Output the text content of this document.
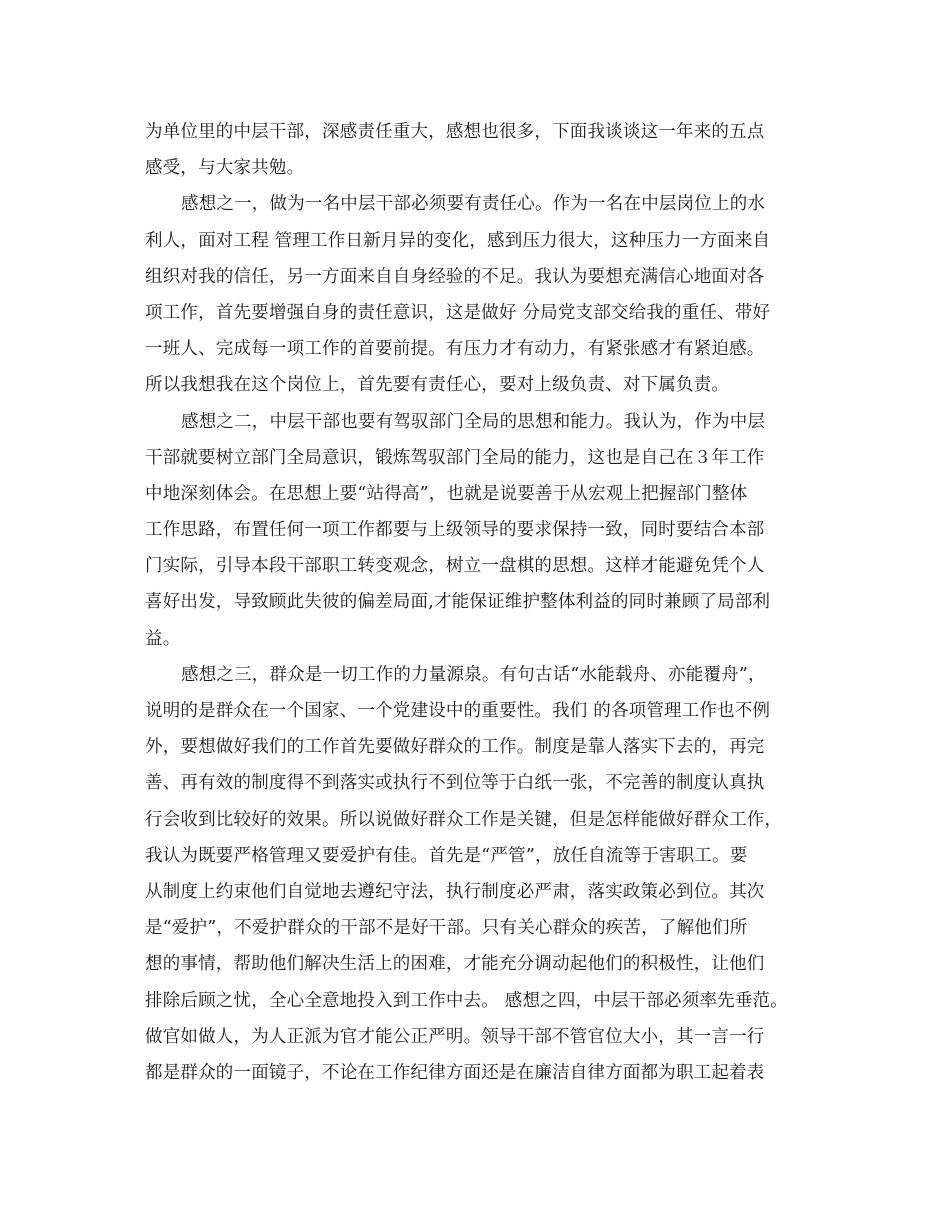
为单位里的中层干部，深感责任重大，感想也很多，下面我谈谈这一年来的五点
感受，与大家共勉。
感想之一，做为一名中层干部必须要有责任心。作为一名在中层岗位上的水
利人，面对工程 管理工作日新月异的变化，感到压力很大，这种压力一方面来自
组织对我的信任，另一方面来自自身经验的不足。我认为要想充满信心地面对各
项工作，首先要增强自身的责任意识，这是做好 分局党支部交给我的重任、带好
一班人、完成每一项工作的首要前提。有压力才有动力，有紧张感才有紧迫感。
所以我想我在这个岗位上，首先要有责任心，要对上级负责、对下属负责。
感想之二，中层干部也要有驾驭部门全局的思想和能力。我认为，作为中层
干部就要树立部门全局意识，锻炼驾驭部门全局的能力，这也是自己在３年工作
中地深刻体会。在思想上要“站得高”，也就是说要善于从宏观上把握部门整体
工作思路，布置任何一项工作都要与上级领导的要求保持一致，同时要结合本部
门实际，引导本段干部职工转变观念，树立一盘棋的思想。这样才能避免凭个人
喜好出发，导致顾此失彼的偏差局面,才能保证维护整体利益的同时兼顾了局部利
益。
感想之三，群众是一切工作的力量源泉。有句古话“水能载舟、亦能覆舟”，
说明的是群众在一个国家、一个党建设中的重要性。我们 的各项管理工作也不例
外，要想做好我们的工作首先要做好群众的工作。制度是靠人落实下去的，再完
善、再有效的制度得不到落实或执行不到位等于白纸一张，不完善的制度认真执
行会收到比较好的效果。所以说做好群众工作是关键，但是怎样能做好群众工作，
我认为既要严格管理又要爱护有佳。首先是“严管”，放任自流等于害职工。要
从制度上约束他们自觉地去遵纪守法，执行制度必严肃，落实政策必到位。其次
是“爱护”，不爱护群众的干部不是好干部。只有关心群众的疾苦，了解他们所
想的事情，帮助他们解决生活上的困难，才能充分调动起他们的积极性，让他们
排除后顾之忧，全心全意地投入到工作中去。 感想之四，中层干部必须率先垂范。
做官如做人，为人正派为官才能公正严明。领导干部不管官位大小，其一言一行
都是群众的一面镜子，不论在工作纪律方面还是在廉洁自律方面都为职工起着表
